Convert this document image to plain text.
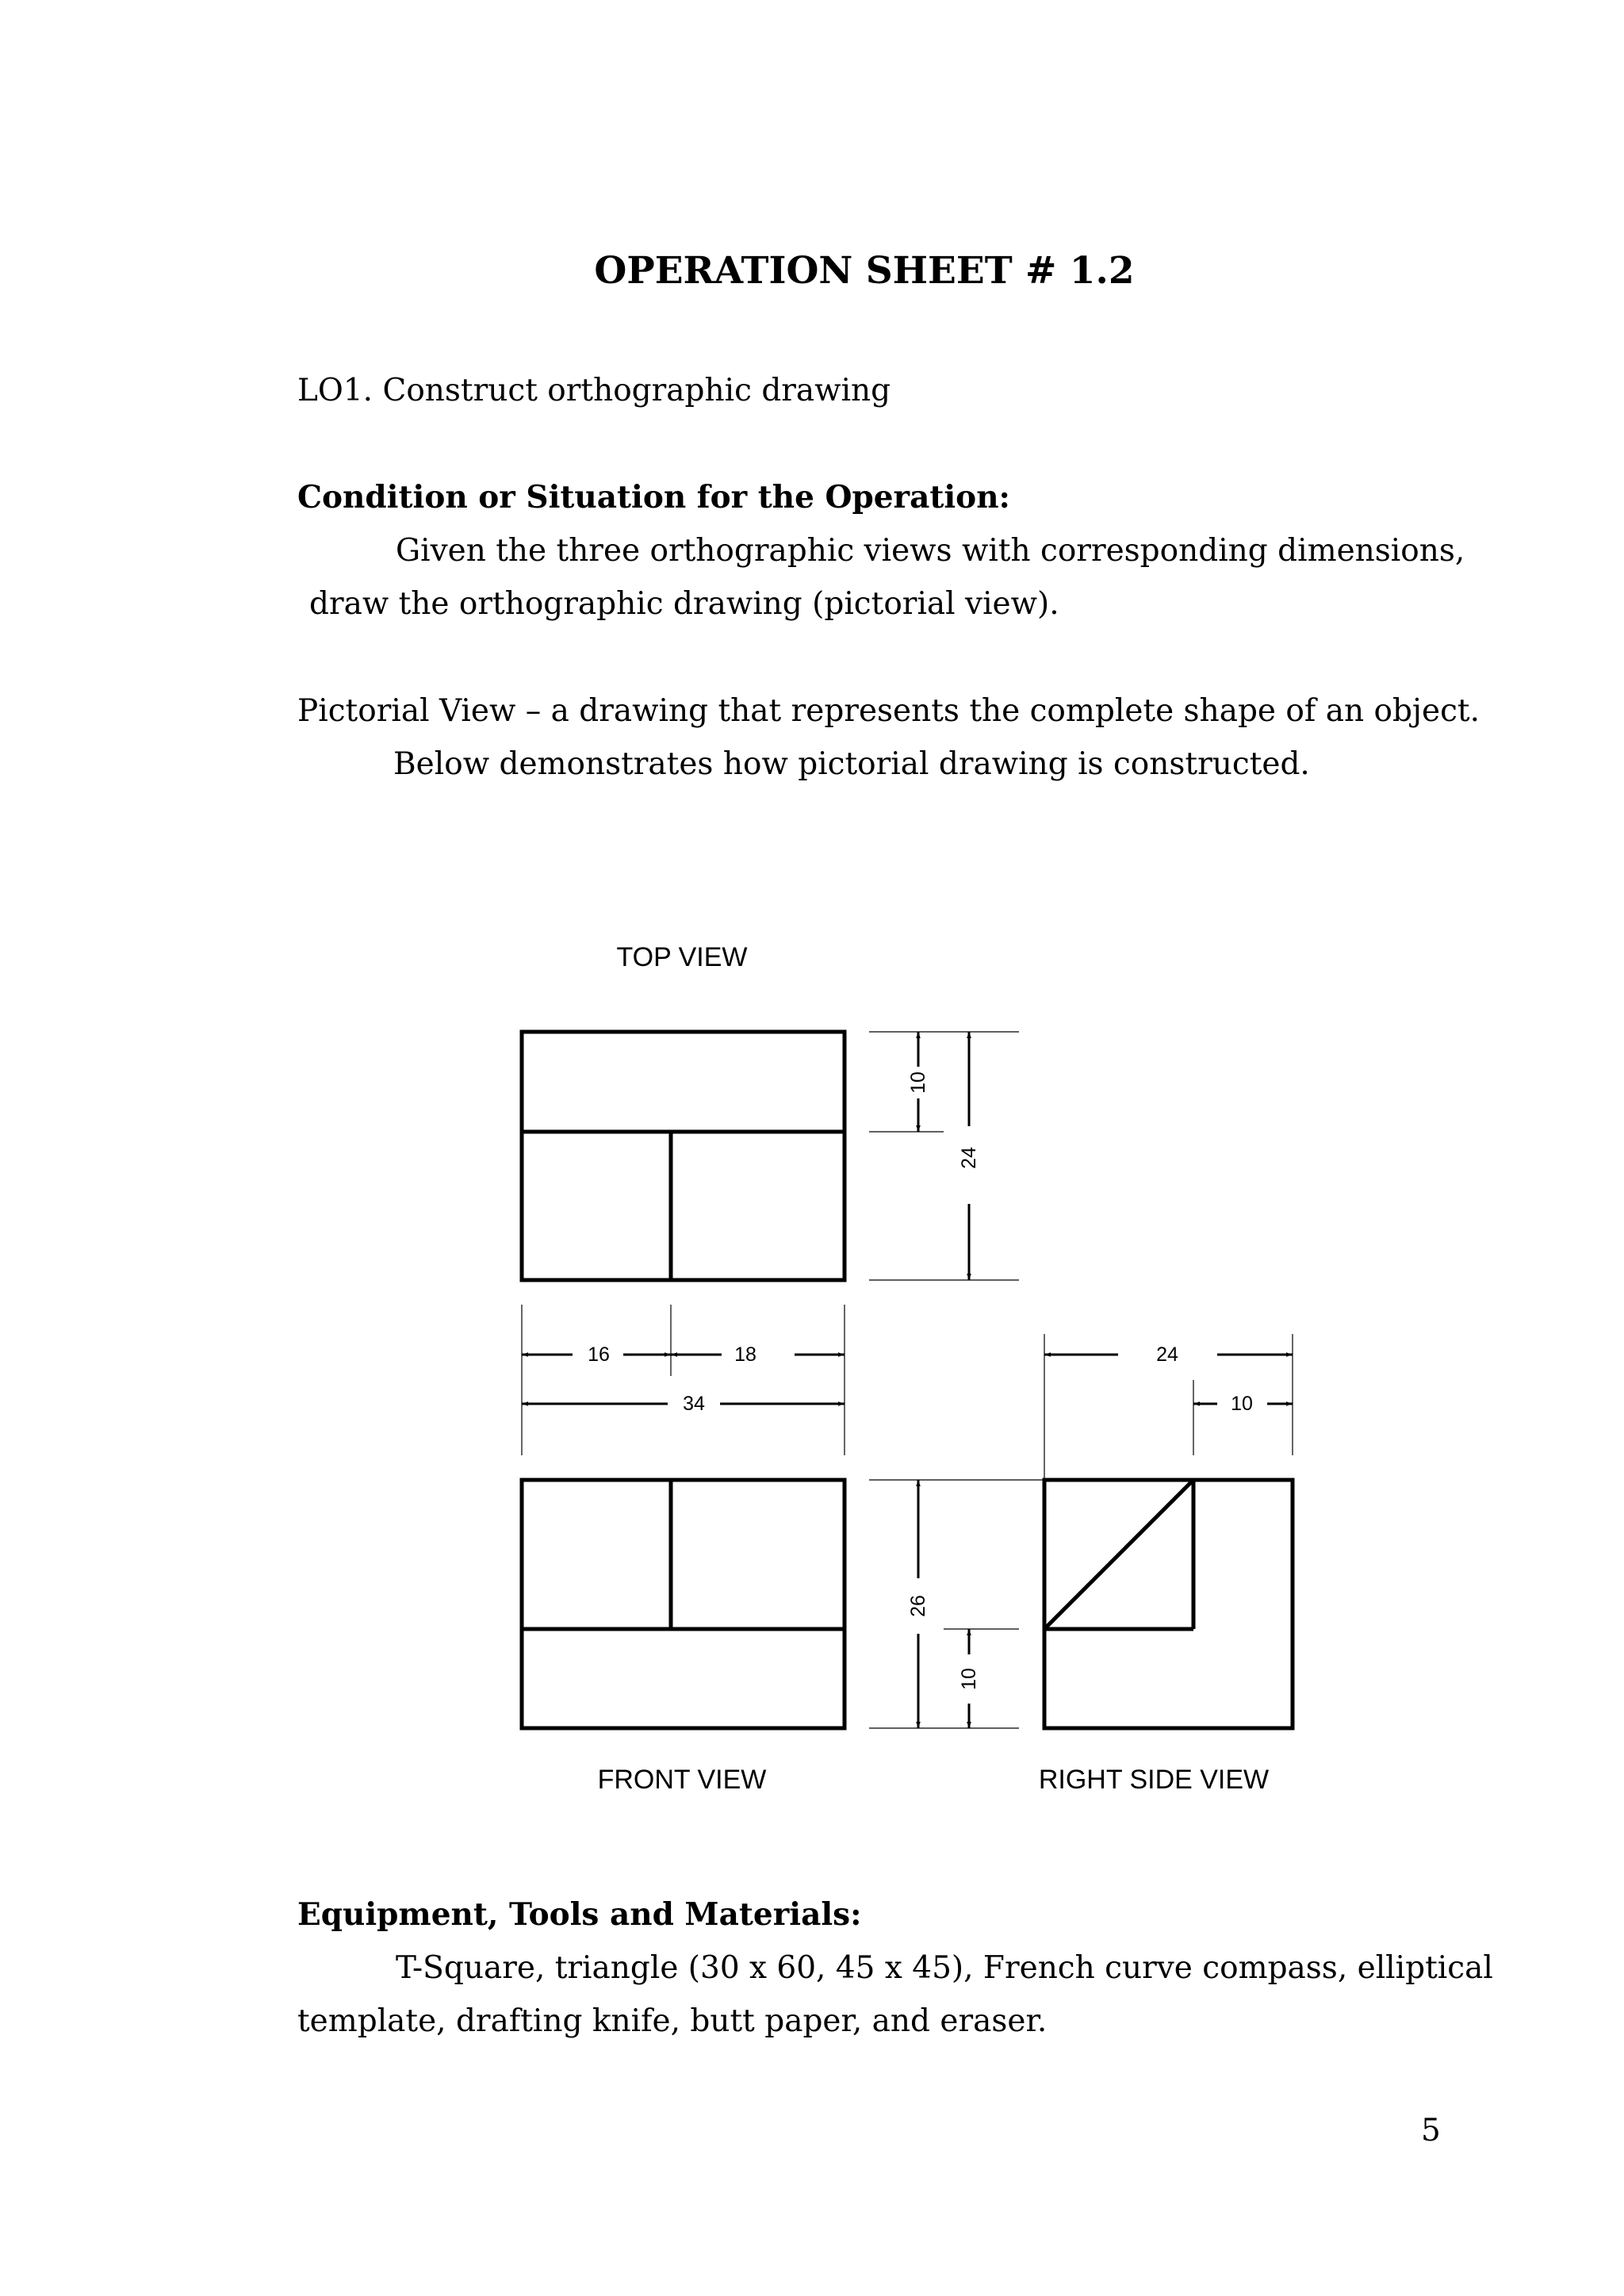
OPERATION SHEET # 1.2
LO1. Construct orthographic drawing
Condition or Situation for the Operation:
Given the three orthographic views with corresponding dimensions,
draw the orthographic drawing (pictorial view).
Pictorial View – a drawing that represents the complete shape of an object.
Below demonstrates how pictorial drawing is constructed.
TOP VIEW
FRONT VIEW	RIGHT SIDE VIEW
10
24
16	18
34
24
10
26
10
Equipment, Tools and Materials:
T-Square, triangle (30 x 60, 45 x 45), French curve compass, elliptical
template, drafting knife, butt paper, and eraser.
5
